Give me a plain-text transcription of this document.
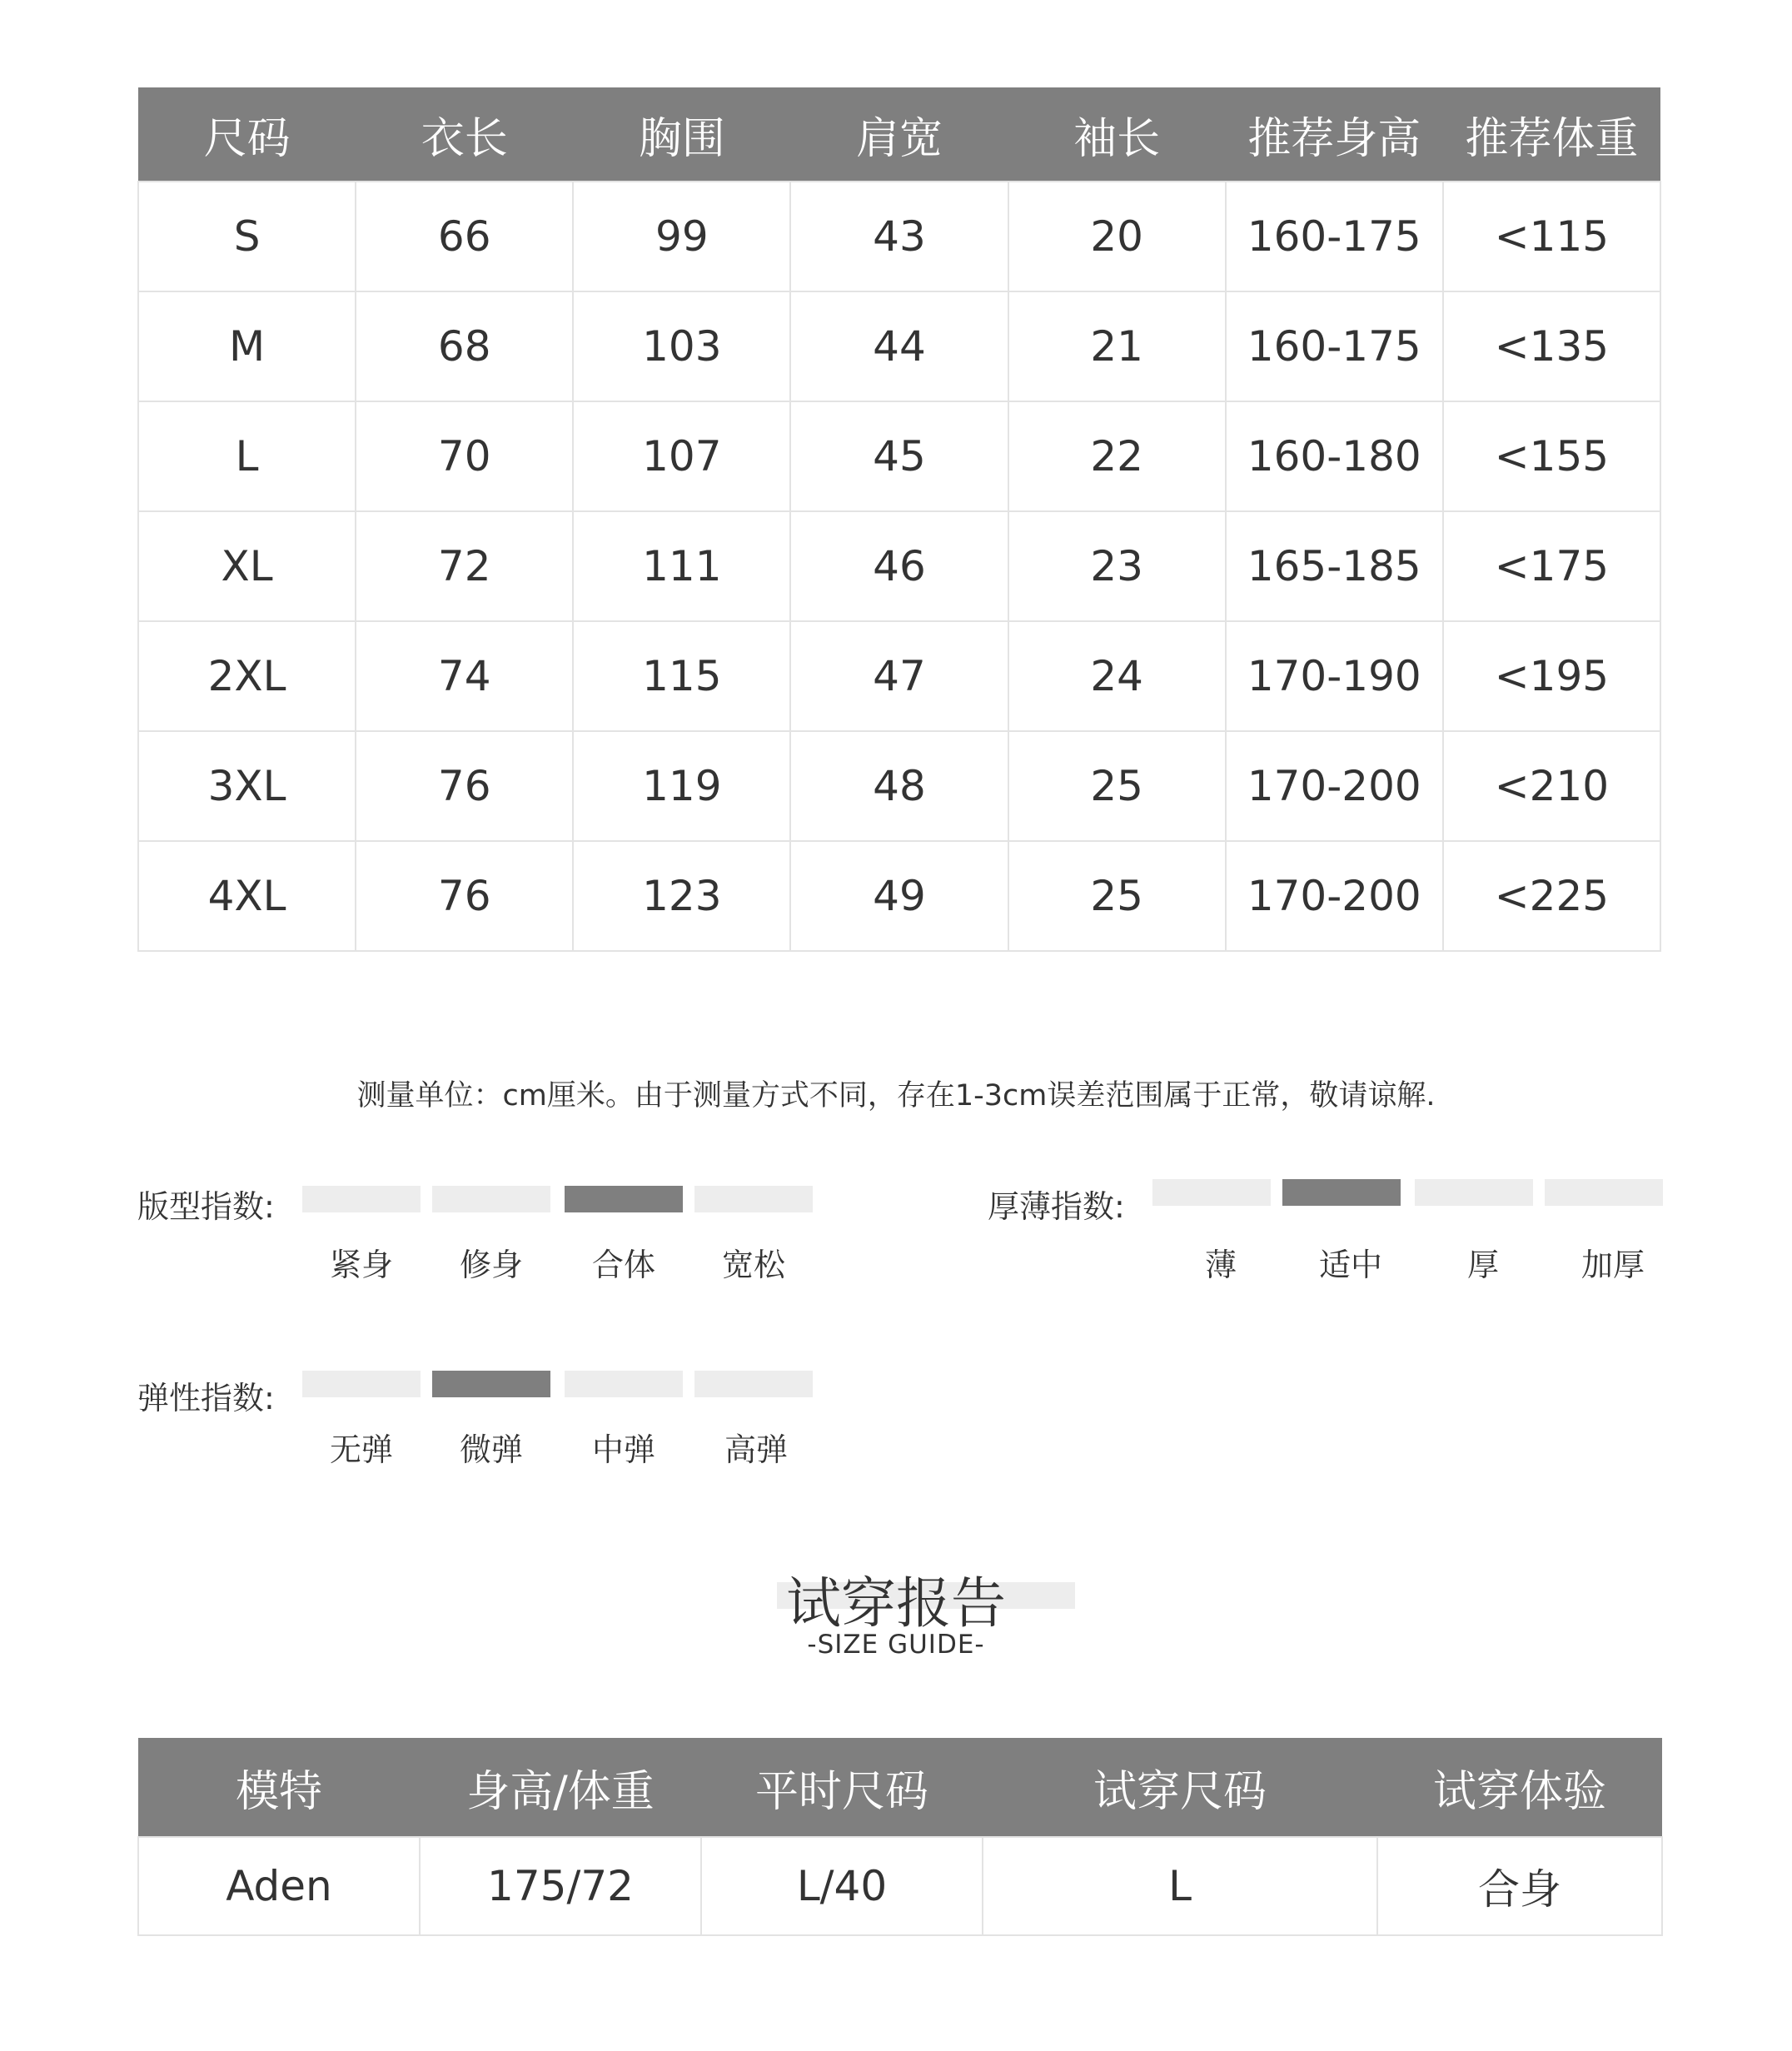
尺码	衣长	胸围	肩宽	袖长	推荐身高	推荐体重
S	66	99	43	20	160-175	<115
M	68	103	44	21	160-175	<135
L	70	107	45	22	160-180	<155
XL	72	111	46	23	165-185	<175
2XL	74	115	47	24	170-190	<195
3XL	76	119	48	25	170-200	<210
4XL	76	123	49	25	170-200	<225
测量单位：cm厘米。由于测量方式不同，存在1-3cm误差范围属于正常，敬请谅解.
版型指数:
紧身	修身	合体	宽松
厚薄指数:
薄	适中	厚	加厚
弹性指数:
无弹	微弹	中弹	高弹
试穿报告
-SIZE GUIDE-
模特	身高/体重	平时尺码	试穿尺码	试穿体验
Aden	175/72	L/40	L	合身
